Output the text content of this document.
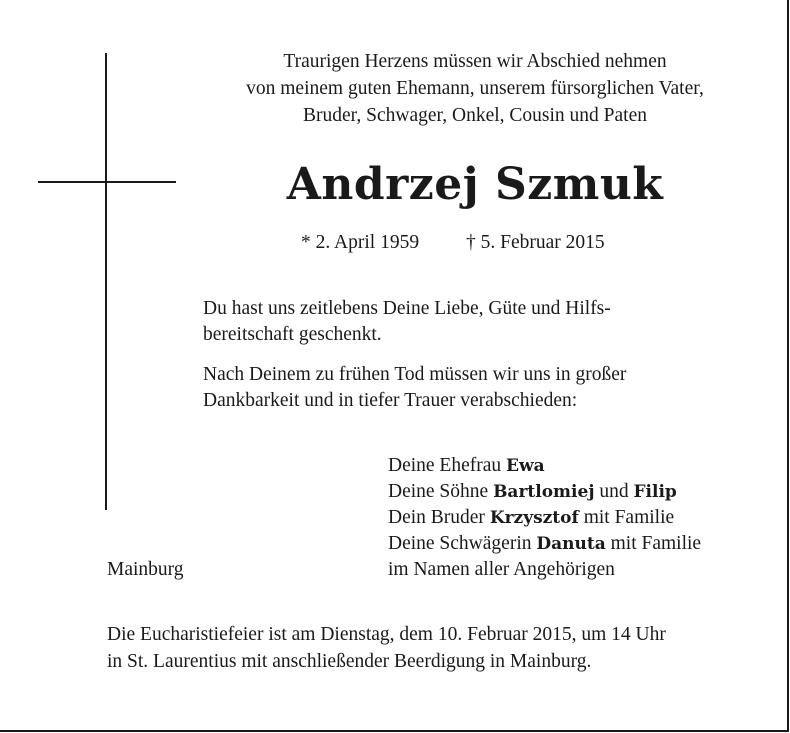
Traurigen Herzens müssen wir Abschied nehmen
von meinem guten Ehemann, unserem fürsorglichen Vater,
Bruder, Schwager, Onkel, Cousin und Paten
Andrzej Szmuk
* 2. April 1959 † 5. Februar 2015
Du hast uns zeitlebens Deine Liebe, Güte und Hilfs-
bereitschaft geschenkt.
Nach Deinem zu frühen Tod müssen wir uns in großer
Dankbarkeit und in tiefer Trauer verabschieden:
Deine Ehefrau Ewa
Deine Söhne Bartlomiej und Filip
Dein Bruder Krzysztof mit Familie
Deine Schwägerin Danuta mit Familie
im Namen aller Angehörigen
Mainburg
Die Eucharistiefeier ist am Dienstag, dem 10. Februar 2015, um 14 Uhr
in St. Laurentius mit anschließender Beerdigung in Mainburg.
